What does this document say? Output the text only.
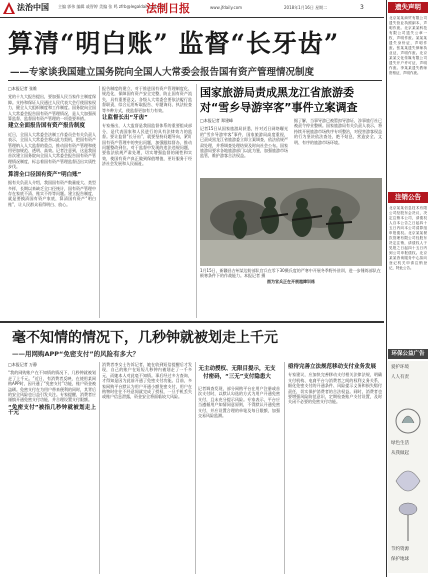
法治中国 主编 郭伟 编辑 戚智婷 美编 张 鸣 zfrb@legaldaily.com.cn
法制日报	www.jfdaily.com	2018年1月16日 星期二	3
算清“明白账” 监督“长牙齿”
——专家谈我国建立国务院向全国人大常委会报告国有资产管理情况制度
□本报记者 张维
党的十九大报告提出，要加强人民当家作主制度保障。支持和保证人民通过人民代表大会行使国家权力，健全人大组织制度和工作制度。国务院向全国人大常委会报告国有资产管理情况，是人大加强预算监督、监督国有资产管理的一项重要举措。
建立全面报告国有资产报告制度
近日，全国人大常委会法制工作委员会有关负责人表示，全国人大常委会将以此为契机，把国有资产管理纳入人大监督的重点，推动国有资产管理和使用更加规范、透明、高效。记者注意到，这是我国首次建立国务院向全国人大常委会报告国有资产管理情况制度，标志着国有资产管理监督迈出实质性步伐。
算清全口径国有资产“明白账”
据有关负责人介绍，我国国有资产数量庞大、类型多样，长期以来缺乏全口径统计，国有资产管理中存在家底不清、账实不符等问题。建立报告制度，就是要摸清国有资产家底，算清国有资产“明白账”，让人民群众看得明白、放心。
报告制度的建立，对于推进国有资产管理制度化、规范化，保障国有资产安全完整，防止国有资产流失，具有重要意义。各级人大常委会要依法履行监督职责，综合运用听取报告、专题询问、执法检查等多种方式，使监督更加有力有效。
让监督长出“牙齿”
专家指出，人大监督是我国监督体系的重要组成部分，是代表国家和人民进行的具有法律效力的监督。要让监督“长牙齿”，就要坚持问题导向，紧盯国有资产管理中的突出问题，加强跟踪督办，推动问题整改到位。对于监督中发现的违法违规问题，要依法依规严肃处理，切实增强监督的刚性和实效，使国有资产真正做到保值增值，更好服务于经济社会发展和人民福祉。
国家旅游局责成黑龙江省旅游委对“雪乡导游宰客”事件立案调查
□本报记者 郑建峰
记者15日从国家旅游局获悉，针对近日网络曝光的“雪乡导游宰客”事件，国家旅游局高度重视，已责成黑龙江省旅游委立即立案调查，依法依规严肃处理，并将调查处理结果及时向社会公布。国家旅游局要求各地旅游部门以此为鉴，加强旅游市场监管，维护游客合法权益。
据了解，当事导游已被暂扣导游证，涉事旅行社已被责令停业整顿。国家旅游局有关负责人表示，将持续开展旅游市场秩序专项整治，对侵害游客权益的行为坚决依法查处，绝不姑息，营造安全、文明、有序的旅游市场环境。
1月15日，新疆昌吉州某边防部队官兵在零下30摄氏度的严寒中开展冬季野外驻训，进一步锤炼部队在极寒条件下的作战能力。本报记者 摄
图为官兵正在开展越障训练
毫不知情的情况下，几秒钟就被划走上千元
——用网购APP“免密支付”的风险有多大？
□本报记者 万静
“我的网购账户在不知情的情况下，几秒钟就被划走了上千元。”近日，有消费者反映，在使用某网购APP时，因开通了“免密支付”功能，账户资金被盗刷。免密支付在为用户带来便利的同时，其背后的安全风险也日益引发关注。专家提醒，消费者应谨慎开通免密支付功能，并合理设置支付限额。
“免密支付”被指几秒钟就被划走上千元
消费者李女士告诉记者，她在收到短信提醒后才发现，自己的账户在短短几秒钟内被划走了一千多元，而她本人对此毫不知情。事后经过多方查询，才得知是因为此前开通了免密支付功能。目前，多家网购平台默认为用户开通小额免密支付，用户在购物时往往不经意间就完成了授权，一旦手机丢失或账户信息泄露，资金安全将面临较大风险。
无主动授权、无限目提示，无支付密码，“三无”支付隐患大
记者调查发现，部分网购平台在用户注册或首次支付时，以默认勾选的方式为用户开通免密支付，且未充分提示风险。专家表示，平台应当遵循用户知情同意原则，不得默认开通免密支付，并应设置合理的单笔及每日限额，加强交易风险监测。
亟待完善立法规范移动支付业务发展
专家建议，应加快完善移动支付相关法律法规，明确支付机构、电商平台与消费者之间的权利义务关系，细化免密支付的开通条件、风险提示义务和损失赔付责任，切实保护消费者的合法权益。同时，消费者也要增强风险防范意识，定期检查账户支付设置，及时关闭不必要的免密支付功能。
遗失声明
北京某某商贸有限公司遗失营业执照副本，声明作废。北京某某科技有限公司遗失公章一枚，声明作废。某某某遗失身份证，声明作废。张某某遗失律师执业证，声明作废。北京某某文化传媒有限公司遗失开户许可证，声明作废。李某某遗失教师资格证，声明作废。
注销公告
北京某某信息技术有限公司经股东会决议，决定注销本公司，请债权人自本公告之日起四十五日内向本公司清算组申报债权。北京某某餐饮管理有限公司经股东决定注销，请债权人于见报之日起四十五日内到公司申报债权。北京某某咨询服务中心拟向登记机关申请注销登记，特此公告。
环保公益广告
爱护环境
人人有责
绿色生活
从我做起
节约资源
保护地球
